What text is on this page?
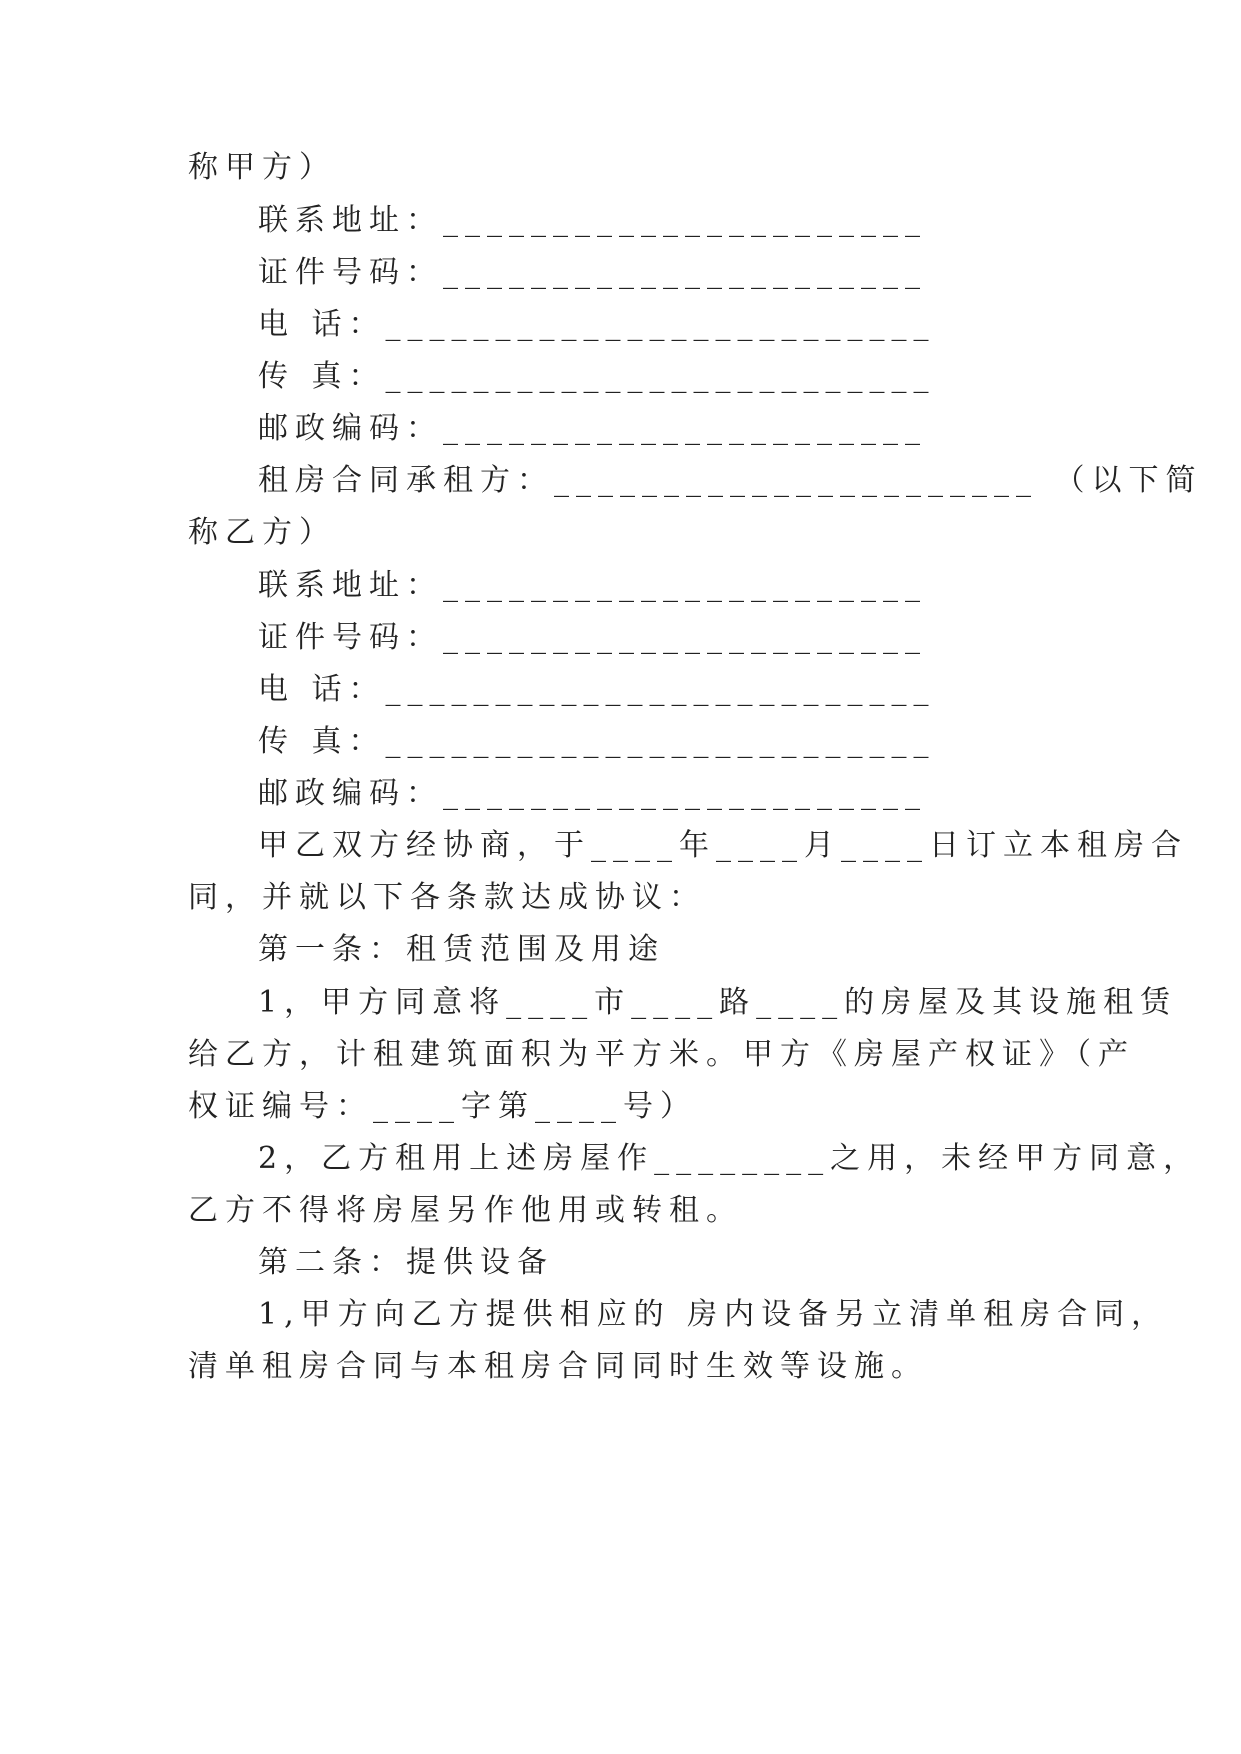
称甲方）

联系地址：______________________

证件号码：______________________

电 话：_________________________

传 真：_________________________

邮政编码：______________________

租房合同承租方：______________________ （以下简

称乙方）

联系地址：______________________

证件号码：______________________

电 话：_________________________

传 真：_________________________

邮政编码：______________________

甲乙双方经协商，于____年____月____日订立本租房合

同，并就以下各条款达成协议：

第一条：租赁范围及用途

1，甲方同意将____市____路____的房屋及其设施租赁

给乙方，计租建筑面积为平方米。甲方《房屋产权证》（产

权证编号：____字第____号）

2，乙方租用上述房屋作________之用，未经甲方同意，

乙方不得将房屋另作他用或转租。

第二条：提供设备

1,甲方向乙方提供相应的 房内设备另立清单租房合同，

清单租房合同与本租房合同同时生效等设施。
